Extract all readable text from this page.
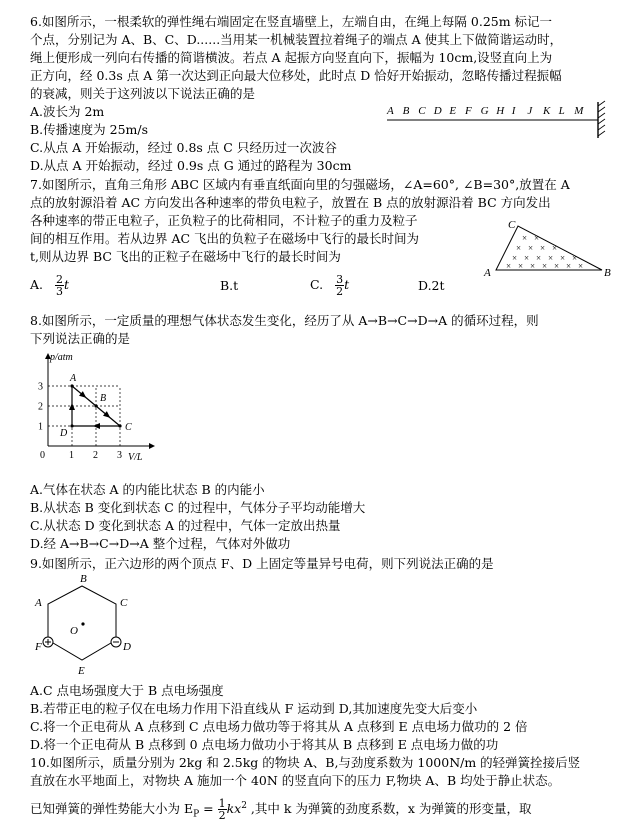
6.如图所示，一根柔软的弹性绳右端固定在竖直墙壁上，左端自由，在绳上每隔 0.25m 标记一
个点，分别记为 A、B、C、D......当用某一机械装置拉着绳子的端点 A 使其上下做简谐运动时，
绳上便形成一列向右传播的简谐横波。若点 A 起振方向竖直向下，振幅为 10cm,设竖直向上为
正方向，经 0.3s 点 A 第一次达到正向最大位移处，此时点 D 恰好开始振动，忽略传播过程振幅
的衰减，则关于这列波以下说法正确的是
A.波长为 2m
B.传播速度为 25m/s
C.从点 A 开始振动，经过 0.8s 点 C 只经历过一次波谷
D.从点 A 开始振动，经过 0.9s 点 G 通过的路程为 30cm
A B C D E F G H I J K L M
7.如图所示，直角三角形 ABC 区域内有垂直纸面向里的匀强磁场，∠A=60°, ∠B=30°,放置在 A
点的放射源沿着 AC 方向发出各种速率的带负电粒子，放置在 B 点的放射源沿着 BC 方向发出
各种速率的带正电粒子，正负粒子的比荷相同，不计粒子的重力及粒子
间的相互作用。若从边界 AC 飞出的负粒子在磁场中飞行的最长时间为
t,则从边界 BC 飞出的正粒子在磁场中飞行的最长时间为
A. $\frac{2}{3}$ t	B.t	C. $\frac{3}{2}$ t	D.2t
× ×
× × × ×
× × × × × ×
× × × × × × ×
A	B
C
8.如图所示，一定质量的理想气体状态发生变化，经历了从 A→B→C→D→A 的循环过程，则
下列说法正确的是
p/atm
V/L
1
2
3
0 1 2 3
A
B
C
D
A.气体在状态 A 的内能比状态 B 的内能小
B.从状态 B 变化到状态 C 的过程中，气体分子平均动能增大
C.从状态 D 变化到状态 A 的过程中，气体一定放出热量
D.经 A→B→C→D→A 整个过程，气体对外做功
9.如图所示，正六边形的两个顶点 F、D 上固定等量异号电荷，则下列说法正确的是
B
A	C
O
F	D
E
A.C 点电场强度大于 B 点电场强度
B.若带正电的粒子仅在电场力作用下沿直线从 F 运动到 D,其加速度先变大后变小
C.将一个正电荷从 A 点移到 C 点电场力做功等于将其从 A 点移到 E 点电场力做功的 2 倍
D.将一个正电荷从 B 点移到 0 点电场力做功小于将其从 B 点移到 E 点电场力做的功
10.如图所示，质量分别为 2kg 和 2.5kg 的物块 A、B,与劲度系数为 1000N/m 的轻弹簧拴接后竖
直放在水平地面上，对物块 A 施加一个 40N 的竖直向下的压力 F,物块 A、B 均处于静止状态。
已知弹簧的弹性势能大小为 $E_P = \frac{1}{2} kx^2$ ,其中 k 为弹簧的劲度系数，x 为弹簧的形变量，取
